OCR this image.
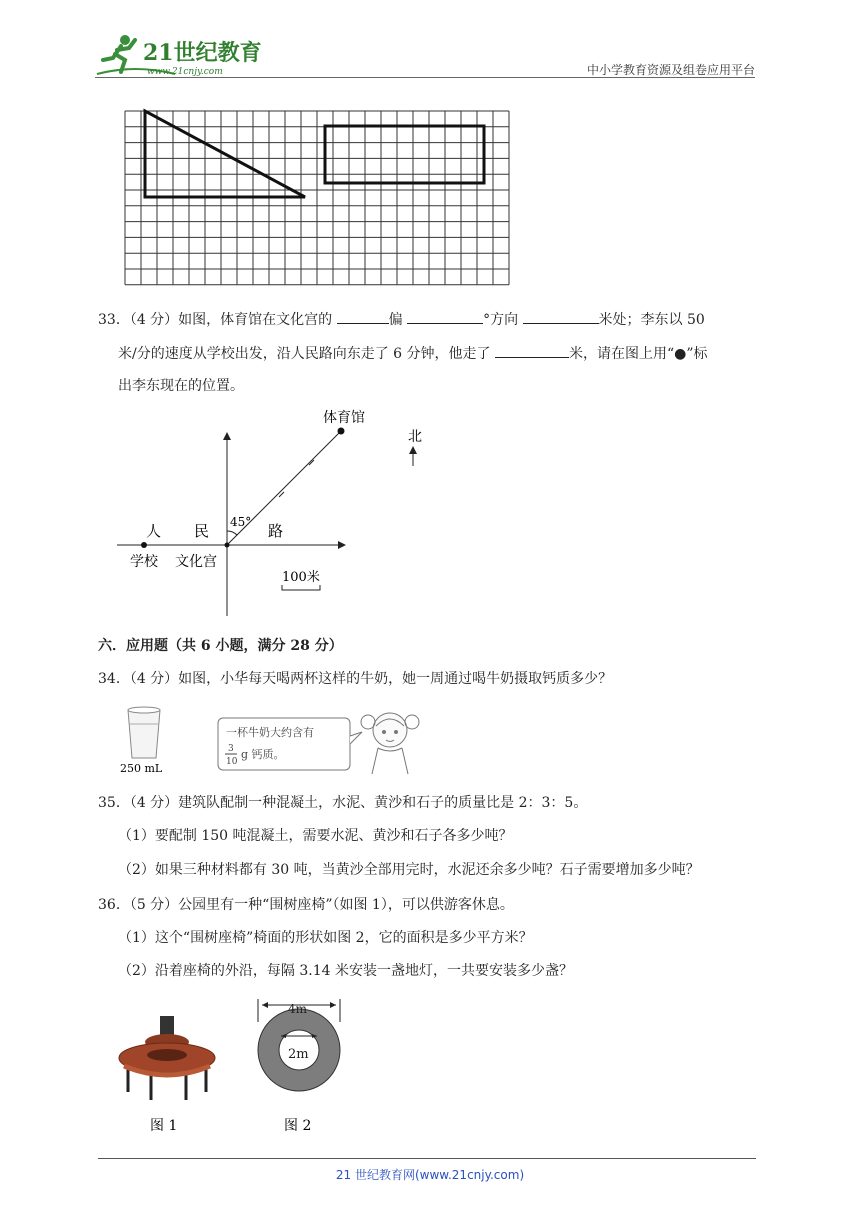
21世纪教育
www.21cnjy.com	中小学教育资源及组卷应用平台
33．（4 分）如图，体育馆在文化宫的	偏	°方向	米处；李东以 50
米/分的速度从学校出发，沿人民路向东走了 6 分钟，他走了	米，请在图上用“●”标
出李东现在的位置。
体育馆
北
45°
人 民	路
学校 文化宫
100米
六．应用题（共 6 小题，满分 28 分）
34．（4 分）如图，小华每天喝两杯这样的牛奶，她一周通过喝牛奶摄取钙质多少？
250 mL
一杯牛奶大约含有
3
10
g 钙质。
35．（4 分）建筑队配制一种混凝土，水泥、黄沙和石子的质量比是 2：3：5。
（1）要配制 150 吨混凝土，需要水泥、黄沙和石子各多少吨？
（2）如果三种材料都有 30 吨，当黄沙全部用完时，水泥还余多少吨？石子需要增加多少吨？
36．（5 分）公园里有一种“围树座椅”（如图 1），可以供游客休息。
（1）这个“围树座椅”椅面的形状如图 2，它的面积是多少平方米？
（2）沿着座椅的外沿，每隔 3.14 米安装一盏地灯，一共要安装多少盏？
图 1
4m
2m
图 2
21 世纪教育网(www.21cnjy.com)
